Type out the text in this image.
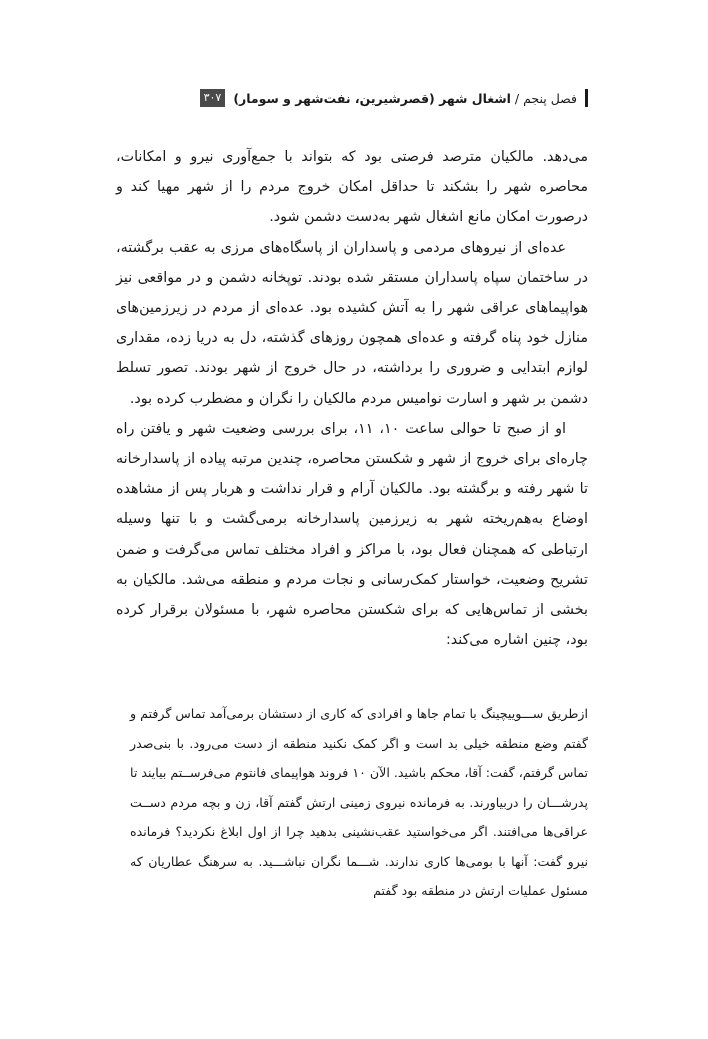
فصل پنجم / اشغال شهر (قصرشیرین، نفت‌شهر و سومار)
۳۰۷

می‌دهد. مالکیان مترصد فرصتی بود که بتواند با جمع‌آوری نیرو و امکانات، محاصره شهر را بشکند تا حداقل امکان خروج مردم را از شهر مهیا کند و درصورت امکان مانع اشغال شهر به‌دست دشمن شود.

عده‌ای از نیروهای مردمی و پاسداران از پاسگاه‌های مرزی به عقب برگشته، در ساختمان سپاه پاسداران مستقر شده بودند. توپخانه دشمن و در مواقعی نیز هواپیماهای عراقی شهر را به آتش کشیده بود. عده‌ای از مردم در زیرزمین‌های منازل خود پناه گرفته و عده‌ای همچون روزهای گذشته، دل به دریا زده، مقداری لوازم ابتدایی و ضروری را برداشته، در حال خروج از شهر بودند. تصور تسلط دشمن بر شهر و اسارت نوامیس مردم مالکیان را نگران و مضطرب کرده بود.

او از صبح تا حوالی ساعت ۱۰، ۱۱، برای بررسی وضعیت شهر و یافتن راه چاره‌ای برای خروج از شهر و شکستن محاصره، چندین مرتبه پیاده از پاسدارخانه تا شهر رفته و برگشته بود. مالکیان آرام و قرار نداشت و هربار پس از مشاهده اوضاع به‌هم‌ریخته شهر به زیرزمین پاسدارخانه برمی‌گشت و با تنها وسیله ارتباطی که همچنان فعال بود، با مراکز و افراد مختلف تماس می‌گرفت و ضمن تشریح وضعیت، خواستار کمک‌رسانی و نجات مردم و منطقه می‌شد. مالکیان به بخشی از تماس‌هایی که برای شکستن محاصره شهر، با مسئولان برقرار کرده بود، چنین اشاره می‌کند:

ازطریق ســـوییچینگ با تمام جاها و افرادی که کاری از دستشان برمی‌آمد تماس گرفتم و گفتم وضع منطقه خیلی بد است و اگر کمک نکنید منطقه از دست می‌رود. با بنی‌صدر تماس گرفتم، گفت: آقا، محکم باشید. الآن ۱۰ فروند هواپیمای فانتوم می‌فرســتم بیایند تا پدرشـــان را دربیاورند. به فرمانده نیروی زمینی ارتش گفتم آقا، زن و بچه مردم دســت عراقی‌ها می‌افتند. اگر می‌خواستید عقب‌نشینی بدهید چرا از اول ابلاغ نکردید؟ فرمانده نیرو گفت: آنها با بومی‌ها کاری ندارند. شـــما نگران نباشـــید. به سرهنگ عطاریان که مسئول عملیات ارتش در منطقه بود گفتم
